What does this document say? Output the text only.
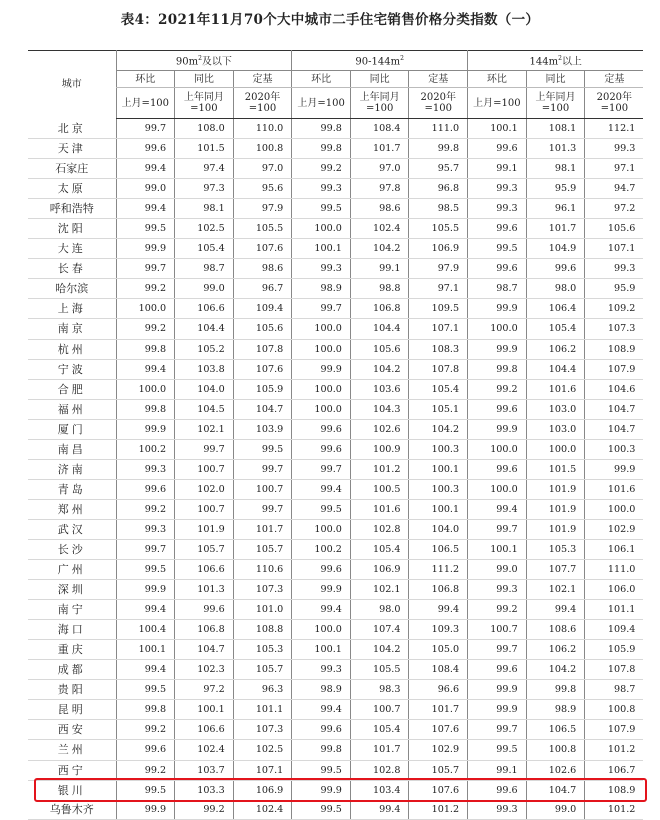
表4：2021年11月70个大中城市二手住宅销售价格分类指数（一）
城市	$90m^2$及以下			$90-144m^2$			$144m^2$以上		
	环比	同比	定基	环比	同比	定基	环比	同比	定基
	上月=100	上年同月=100	2020年=100	上月=100	上年同月=100	2020年=100	上月=100	上年同月=100	2020年=100
北京	99.7	108.0	110.0	99.8	108.4	111.0	100.1	108.1	112.1
天津	99.6	101.5	100.8	99.8	101.7	99.8	99.6	101.3	99.3
石家庄	99.4	97.4	97.0	99.2	97.0	95.7	99.1	98.1	97.1
太原	99.0	97.3	95.6	99.3	97.8	96.8	99.3	95.9	94.7
呼和浩特	99.4	98.1	97.9	99.5	98.6	98.5	99.3	96.1	97.2
沈阳	99.5	102.5	105.5	100.0	102.4	105.5	99.6	101.7	105.6
大连	99.9	105.4	107.6	100.1	104.2	106.9	99.5	104.9	107.1
长春	99.7	98.7	98.6	99.3	99.1	97.9	99.6	99.6	99.3
哈尔滨	99.2	99.0	96.7	98.9	98.8	97.1	98.7	98.0	95.9
上海	100.0	106.6	109.4	99.7	106.8	109.5	99.9	106.4	109.2
南京	99.2	104.4	105.6	100.0	104.4	107.1	100.0	105.4	107.3
杭州	99.8	105.2	107.8	100.0	105.6	108.3	99.9	106.2	108.9
宁波	99.4	103.8	107.6	99.9	104.2	107.8	99.8	104.4	107.9
合肥	100.0	104.0	105.9	100.0	103.6	105.4	99.2	101.6	104.6
福州	99.8	104.5	104.7	100.0	104.3	105.1	99.6	103.0	104.7
厦门	99.9	102.1	103.9	99.6	102.6	104.2	99.9	103.0	104.7
南昌	100.2	99.7	99.5	99.6	100.9	100.3	100.0	100.0	100.3
济南	99.3	100.7	99.7	99.7	101.2	100.1	99.6	101.5	99.9
青岛	99.6	102.0	100.7	99.4	100.5	100.3	100.0	101.9	101.6
郑州	99.2	100.7	99.7	99.5	101.6	100.1	99.4	101.9	100.0
武汉	99.3	101.9	101.7	100.0	102.8	104.0	99.7	101.9	102.9
长沙	99.7	105.7	105.7	100.2	105.4	106.5	100.1	105.3	106.1
广州	99.5	106.6	110.6	99.6	106.9	111.2	99.0	107.7	111.0
深圳	99.9	101.3	107.3	99.9	102.1	106.8	99.3	102.1	106.0
南宁	99.4	99.6	101.0	99.4	98.0	99.4	99.2	99.4	101.1
海口	100.4	106.8	108.8	100.0	107.4	109.3	100.7	108.6	109.4
重庆	100.1	104.7	105.3	100.1	104.2	105.0	99.7	106.2	105.9
成都	99.4	102.3	105.7	99.3	105.5	108.4	99.6	104.2	107.8
贵阳	99.5	97.2	96.3	98.9	98.3	96.6	99.9	99.8	98.7
昆明	99.8	100.1	101.1	99.4	100.7	101.7	99.9	98.9	100.8
西安	99.2	106.6	107.3	99.6	105.4	107.6	99.7	106.5	107.9
兰州	99.6	102.4	102.5	99.8	101.7	102.9	99.5	100.8	101.2
西宁	99.2	103.7	107.1	99.5	102.8	105.7	99.1	102.6	106.7
银川	99.5	103.3	106.9	99.9	103.4	107.6	99.6	104.7	108.9
乌鲁木齐	99.9	99.2	102.4	99.5	99.4	101.2	99.3	99.0	101.2
